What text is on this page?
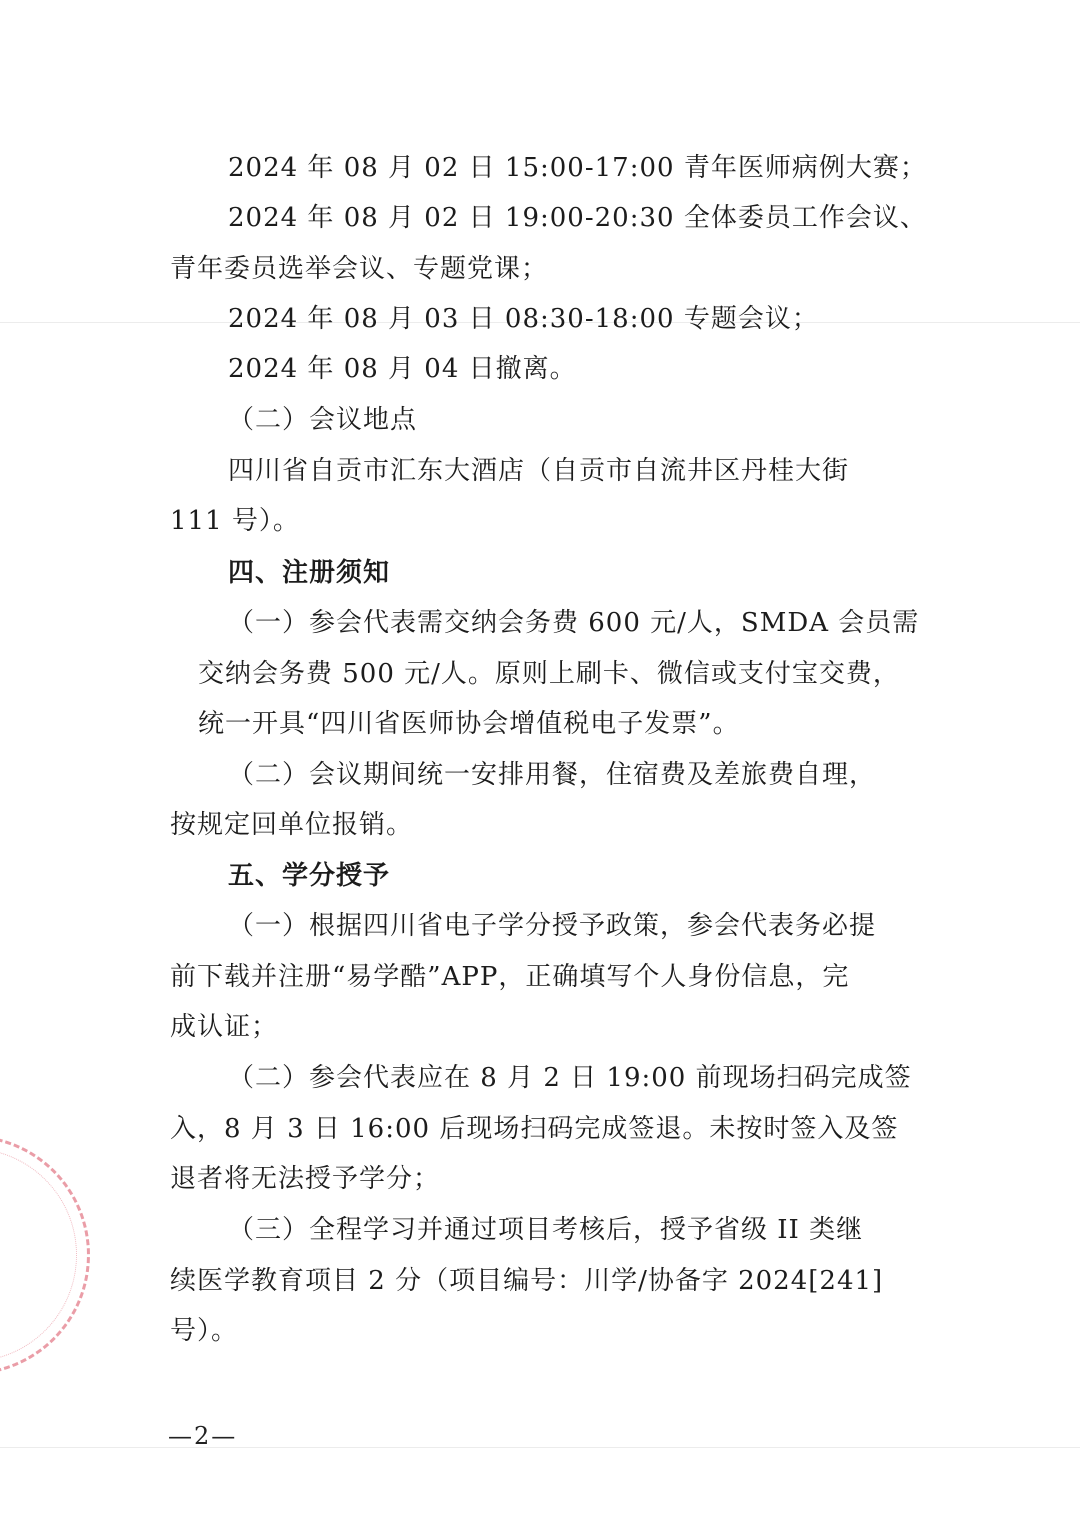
2024 年 08 月 02 日 15:00-17:00 青年医师病例大赛；
2024 年 08 月 02 日 19:00-20:30 全体委员工作会议、
青年委员选举会议、专题党课；
2024 年 08 月 03 日 08:30-18:00 专题会议；
2024 年 08 月 04 日撤离。
（二）会议地点
四川省自贡市汇东大酒店（自贡市自流井区丹桂大街
111 号）。
四、注册须知
（一）参会代表需交纳会务费 600 元/人，SMDA 会员需
交纳会务费 500 元/人。原则上刷卡、微信或支付宝交费，
统一开具“四川省医师协会增值税电子发票”。
（二）会议期间统一安排用餐，住宿费及差旅费自理，
按规定回单位报销。
五、学分授予
（一）根据四川省电子学分授予政策，参会代表务必提
前下载并注册“易学酷”APP，正确填写个人身份信息，完
成认证；
（二）参会代表应在 8 月 2 日 19:00 前现场扫码完成签
入，8 月 3 日 16:00 后现场扫码完成签退。未按时签入及签
退者将无法授予学分；
（三）全程学习并通过项目考核后，授予省级 II 类继
续医学教育项目 2 分（项目编号：川学/协备字 2024[241]
号）。
—2—
